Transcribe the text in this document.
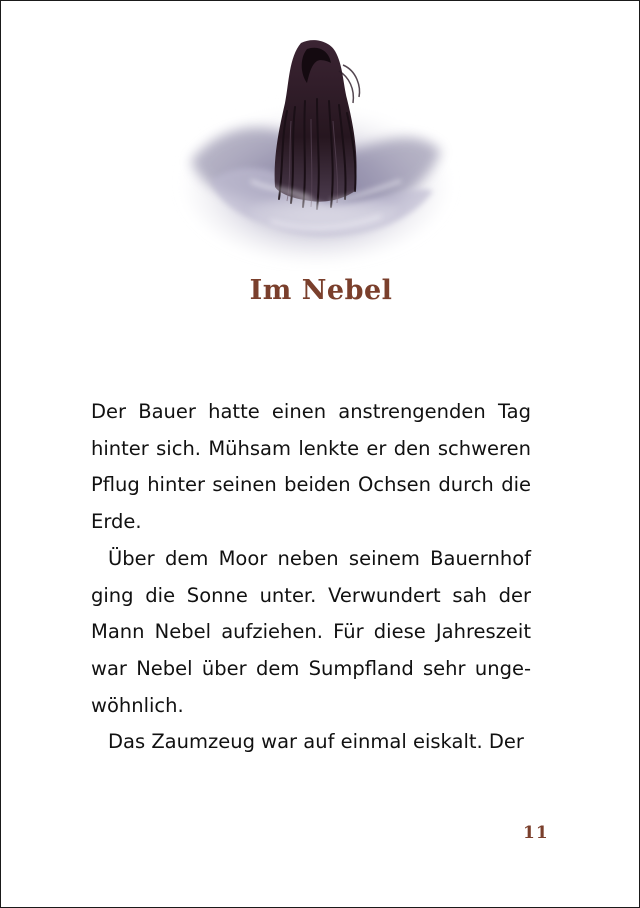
Im Nebel
Der Bauer hatte einen anstrengenden Tag
hinter sich. Mühsam lenkte er den schweren
Pflug hinter seinen beiden Ochsen durch die
Erde.
Über dem Moor neben seinem Bauernhof
ging die Sonne unter. Verwundert sah der
Mann Nebel aufziehen. Für diese Jahreszeit
war Nebel über dem Sumpfland sehr unge-
wöhnlich.
Das Zaumzeug war auf einmal eiskalt. Der
11
